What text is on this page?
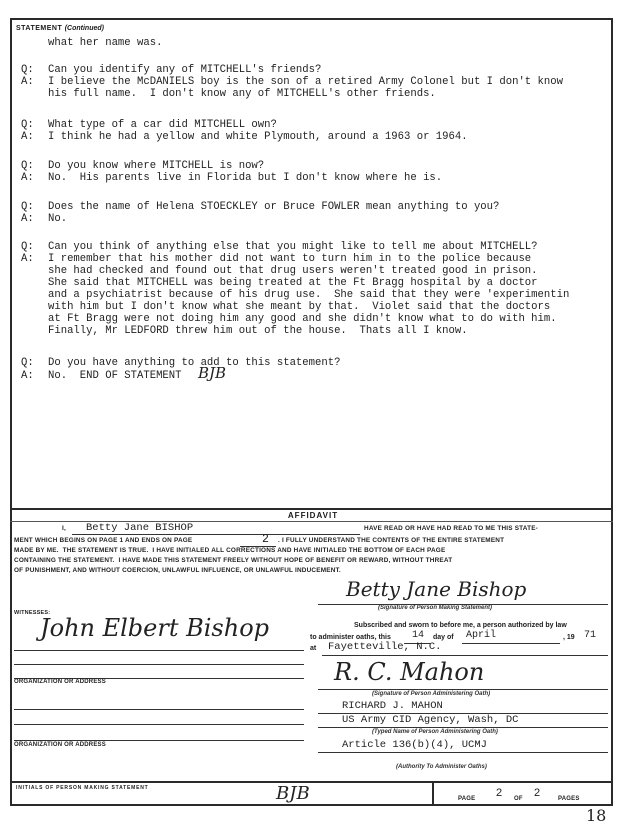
STATEMENT (Continued)
what her name was.
Q:	Can you identify any of MITCHELL's friends?
A:	I believe the McDANIELS boy is the son of a retired Army Colonel but I don't know
his full name.  I don't know any of MITCHELL's other friends.
Q:	What type of a car did MITCHELL own?
A:	I think he had a yellow and white Plymouth, around a 1963 or 1964.
Q:	Do you know where MITCHELL is now?
A:	No.  His parents live in Florida but I don't know where he is.
Q:	Does the name of Helena STOECKLEY or Bruce FOWLER mean anything to you?
A:	No.
Q:	Can you think of anything else that you might like to tell me about MITCHELL?
A:	I remember that his mother did not want to turn him in to the police because
she had checked and found out that drug users weren't treated good in prison.
She said that MITCHELL was being treated at the Ft Bragg hospital by a doctor
and a psychiatrist because of his drug use.  She said that they were 'experimentin
with him but I don't know what she meant by that.  Violet said that the doctors
at Ft Bragg were not doing him any good and she didn't know what to do with him.
Finally, Mr LEDFORD threw him out of the house.  Thats all I know.
Q:	Do you have anything to add to this statement?
A:	No.  END OF STATEMENT BJB
AFFIDAVIT
I, Betty Jane BISHOP	HAVE READ OR HAVE HAD READ TO ME THIS STATE-
MENT WHICH BEGINS ON PAGE 1 AND ENDS ON PAGE	2 . I FULLY UNDERSTAND THE CONTENTS OF THE ENTIRE STATEMENT
MADE BY ME.  THE STATEMENT IS TRUE.  I HAVE INITIALED ALL CORRECTIONS AND HAVE INITIALED THE BOTTOM OF EACH PAGE
CONTAINING THE STATEMENT.  I HAVE MADE THIS STATEMENT FREELY WITHOUT HOPE OF BENEFIT OR REWARD, WITHOUT THREAT
OF PUNISHMENT, AND WITHOUT COERCION, UNLAWFUL INFLUENCE, OR UNLAWFUL INDUCEMENT.
Betty Jane Bishop
(Signature of Person Making Statement)
WITNESSES:
John Elbert Bishop
ORGANIZATION OR ADDRESS
ORGANIZATION OR ADDRESS
Subscribed and sworn to before me, a person authorized by law
to administer oaths, this 14 day of April	, 19 71
at Fayetteville, N.C.
R. C. Mahon
(Signature of Person Administering Oath)
RICHARD J. MAHON
US Army CID Agency, Wash, DC
(Typed Name of Person Administering Oath)
Article 136(b)(4), UCMJ
(Authority To Administer Oaths)
INITIALS OF PERSON MAKING STATEMENT	BJB	PAGE 2 OF 2	PAGES
18
